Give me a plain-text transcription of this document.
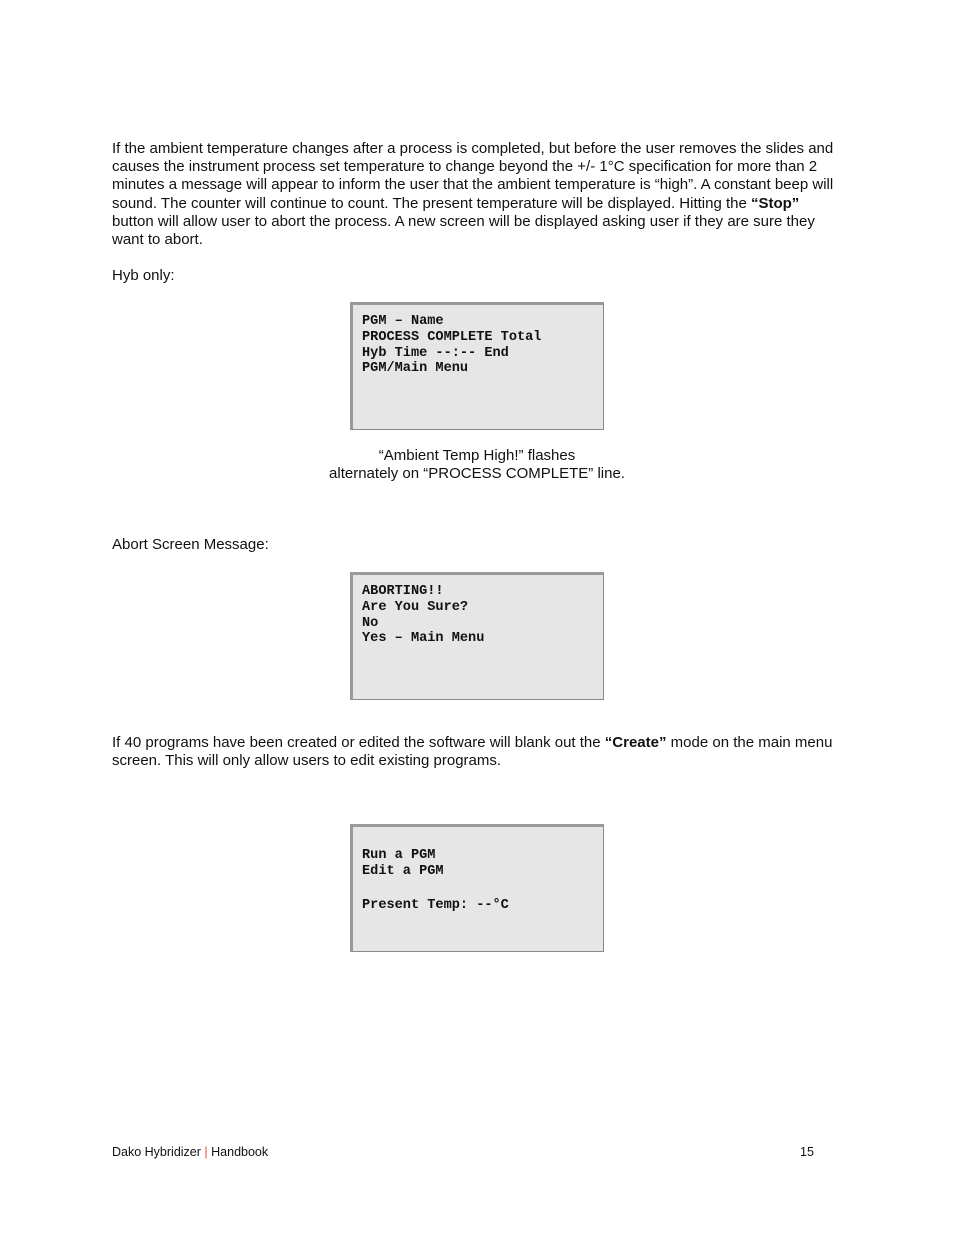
If the ambient temperature changes after a process is completed, but before the user removes the slides and causes the instrument process set temperature to change beyond the +/- 1°C specification for more than 2 minutes a message will appear to inform the user that the ambient temperature is “high”. A constant beep will sound. The counter will continue to count. The present temperature will be displayed. Hitting the “Stop” button will allow user to abort the process. A new screen will be displayed asking user if they are sure they want to abort.

Hyb only:

PGM – Name
PROCESS COMPLETE Total
Hyb Time --:-- End
PGM/Main Menu

“Ambient Temp High!” flashes
alternately on “PROCESS COMPLETE” line.

Abort Screen Message:

ABORTING!!
Are You Sure?
No
Yes – Main Menu

If 40 programs have been created or edited the software will blank out the “Create” mode on the main menu screen. This will only allow users to edit existing programs.

Run a PGM
Edit a PGM
Present Temp: --°C
Dako Hybridizer | Handbook	15
